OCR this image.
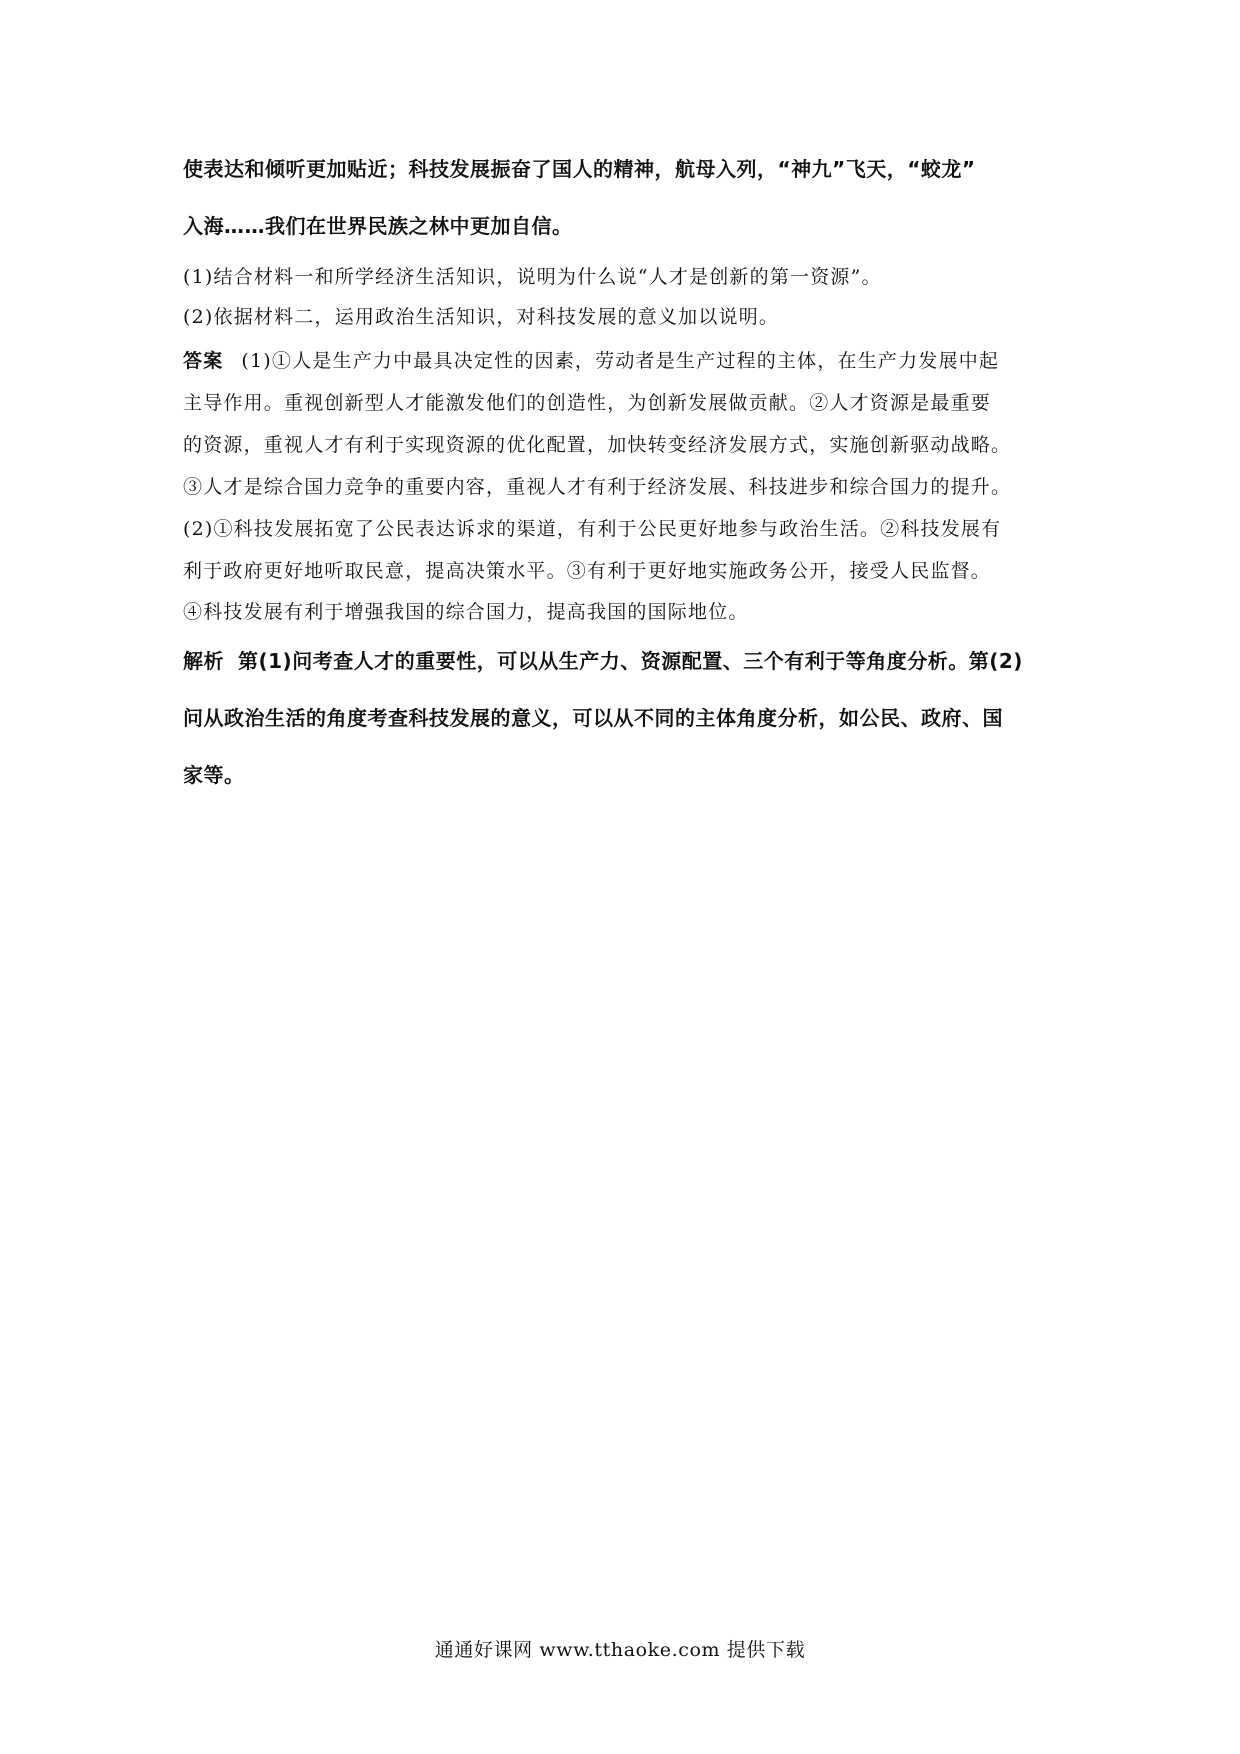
使表达和倾听更加贴近；科技发展振奋了国人的精神，航母入列，“神九”飞天，“蛟龙”
入海……我们在世界民族之林中更加自信。
(1)结合材料一和所学经济生活知识，说明为什么说“人才是创新的第一资源”。
(2)依据材料二，运用政治生活知识，对科技发展的意义加以说明。
答案 (1)①人是生产力中最具决定性的因素，劳动者是生产过程的主体，在生产力发展中起
主导作用。重视创新型人才能激发他们的创造性，为创新发展做贡献。②人才资源是最重要
的资源，重视人才有利于实现资源的优化配置，加快转变经济发展方式，实施创新驱动战略。
③人才是综合国力竞争的重要内容，重视人才有利于经济发展、科技进步和综合国力的提升。
(2)①科技发展拓宽了公民表达诉求的渠道，有利于公民更好地参与政治生活。②科技发展有
利于政府更好地听取民意，提高决策水平。③有利于更好地实施政务公开，接受人民监督。
④科技发展有利于增强我国的综合国力，提高我国的国际地位。
解析 第(1)问考查人才的重要性，可以从生产力、资源配置、三个有利于等角度分析。第(2)
问从政治生活的角度考查科技发展的意义，可以从不同的主体角度分析，如公民、政府、国
家等。
通通好课网 www.tthaoke.com 提供下载
